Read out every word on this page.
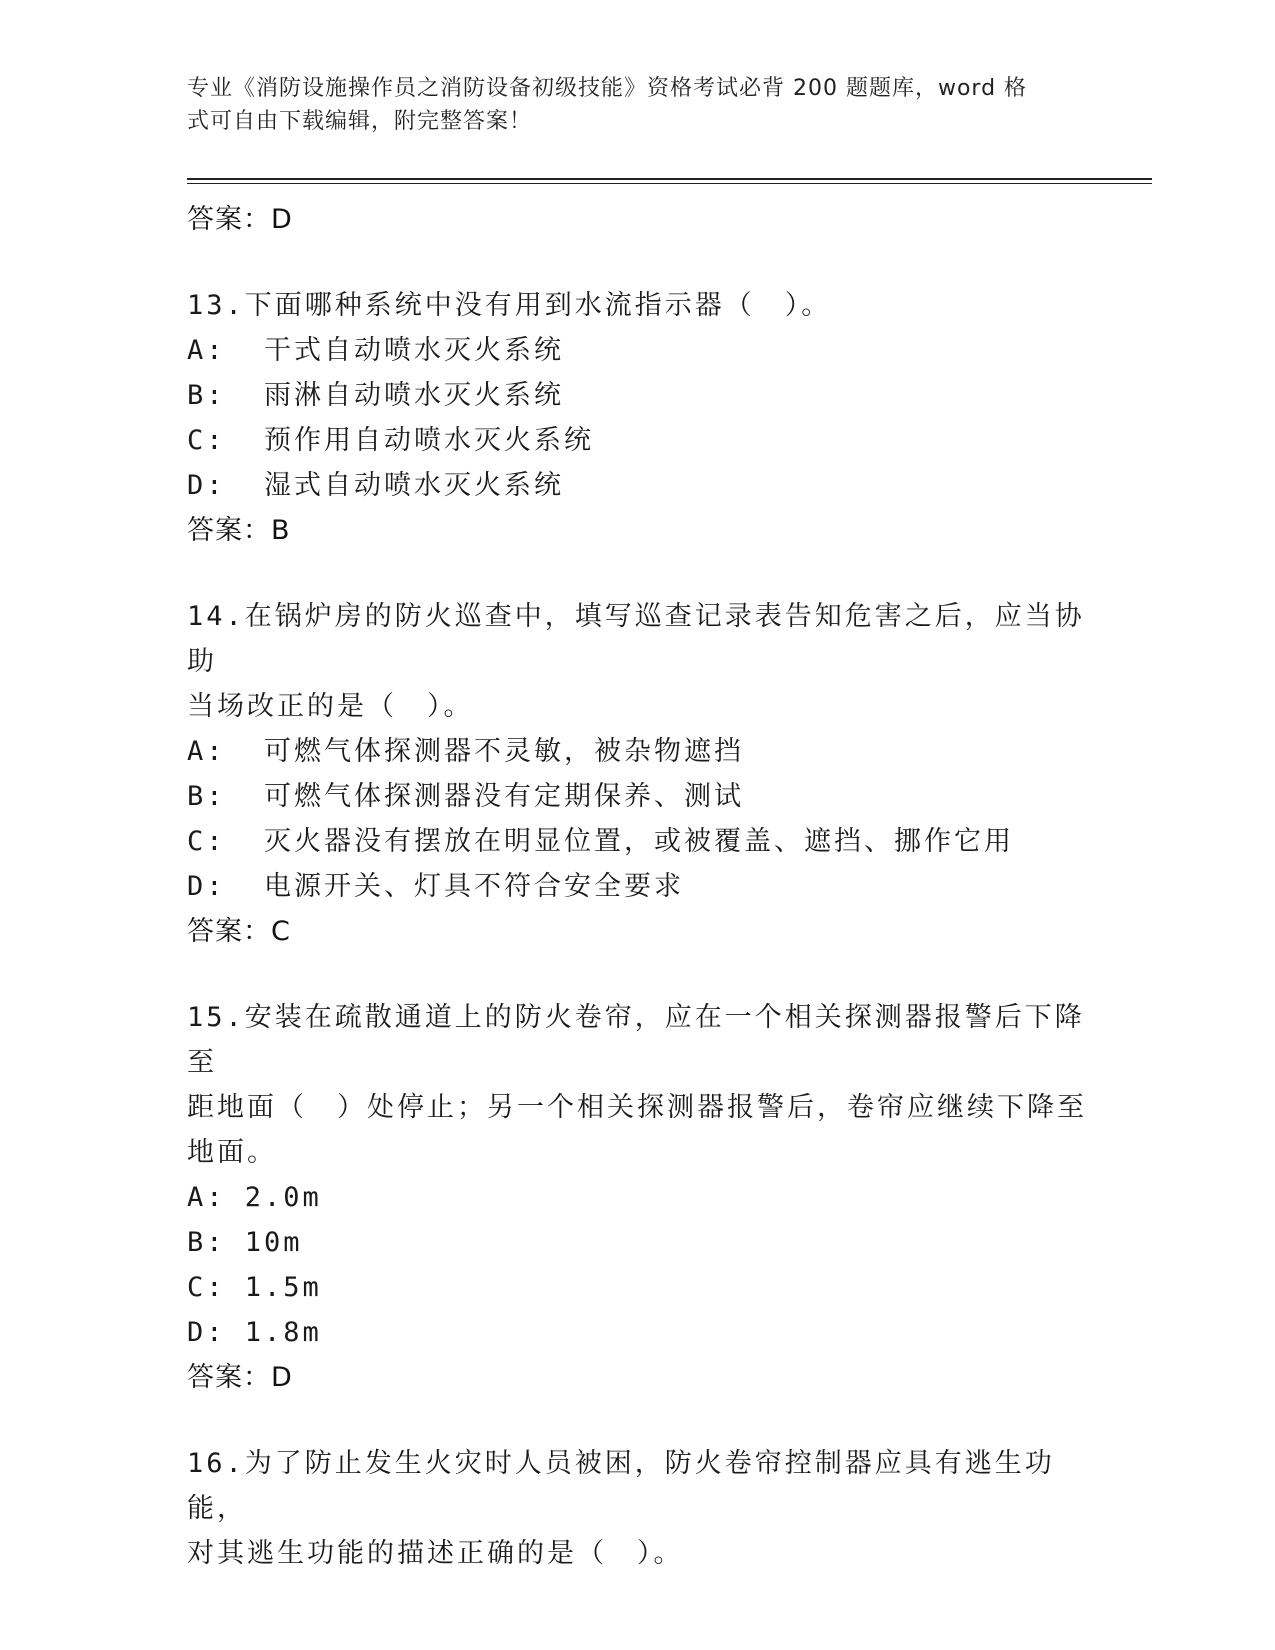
专业《消防设施操作员之消防设备初级技能》资格考试必背 200 题题库，word 格
式可自由下载编辑，附完整答案！
答案：D
13.下面哪种系统中没有用到水流指示器（　）。
A:  干式自动喷水灭火系统
B:  雨淋自动喷水灭火系统
C:  预作用自动喷水灭火系统
D:  湿式自动喷水灭火系统
答案：B
14.在锅炉房的防火巡查中，填写巡查记录表告知危害之后，应当协助
当场改正的是（　）。
A:  可燃气体探测器不灵敏，被杂物遮挡
B:  可燃气体探测器没有定期保养、测试
C:  灭火器没有摆放在明显位置，或被覆盖、遮挡、挪作它用
D:  电源开关、灯具不符合安全要求
答案：C
15.安装在疏散通道上的防火卷帘，应在一个相关探测器报警后下降至
距地面（　）处停止；另一个相关探测器报警后，卷帘应继续下降至
地面。
A: 2.0m
B: 10m
C: 1.5m
D: 1.8m
答案：D
16.为了防止发生火灾时人员被困，防火卷帘控制器应具有逃生功能，
对其逃生功能的描述正确的是（　）。
